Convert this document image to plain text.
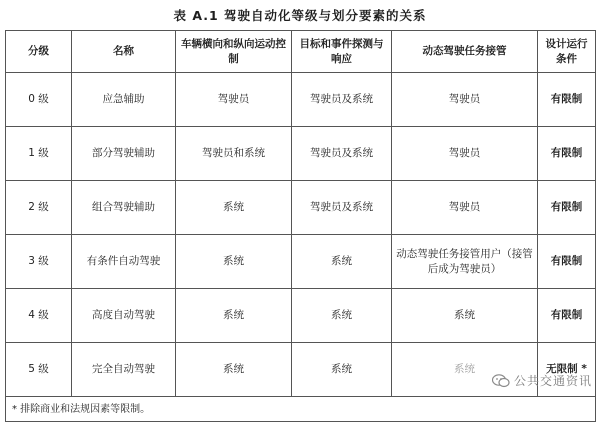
表 A.1 驾驶自动化等级与划分要素的关系
分级	名称	车辆横向和纵向运动控制	目标和事件探测与响应	动态驾驶任务接管	设计运行条件
0 级	应急辅助	驾驶员	驾驶员及系统	驾驶员	有限制
1 级	部分驾驶辅助	驾驶员和系统	驾驶员及系统	驾驶员	有限制
2 级	组合驾驶辅助	系统	驾驶员及系统	驾驶员	有限制
3 级	有条件自动驾驶	系统	系统	动态驾驶任务接管用户（接管后成为驾驶员）	有限制
4 级	高度自动驾驶	系统	系统	系统	有限制
5 级	完全自动驾驶	系统	系统	系统	无限制 *
* 排除商业和法规因素等限制。					
公共交通资讯
